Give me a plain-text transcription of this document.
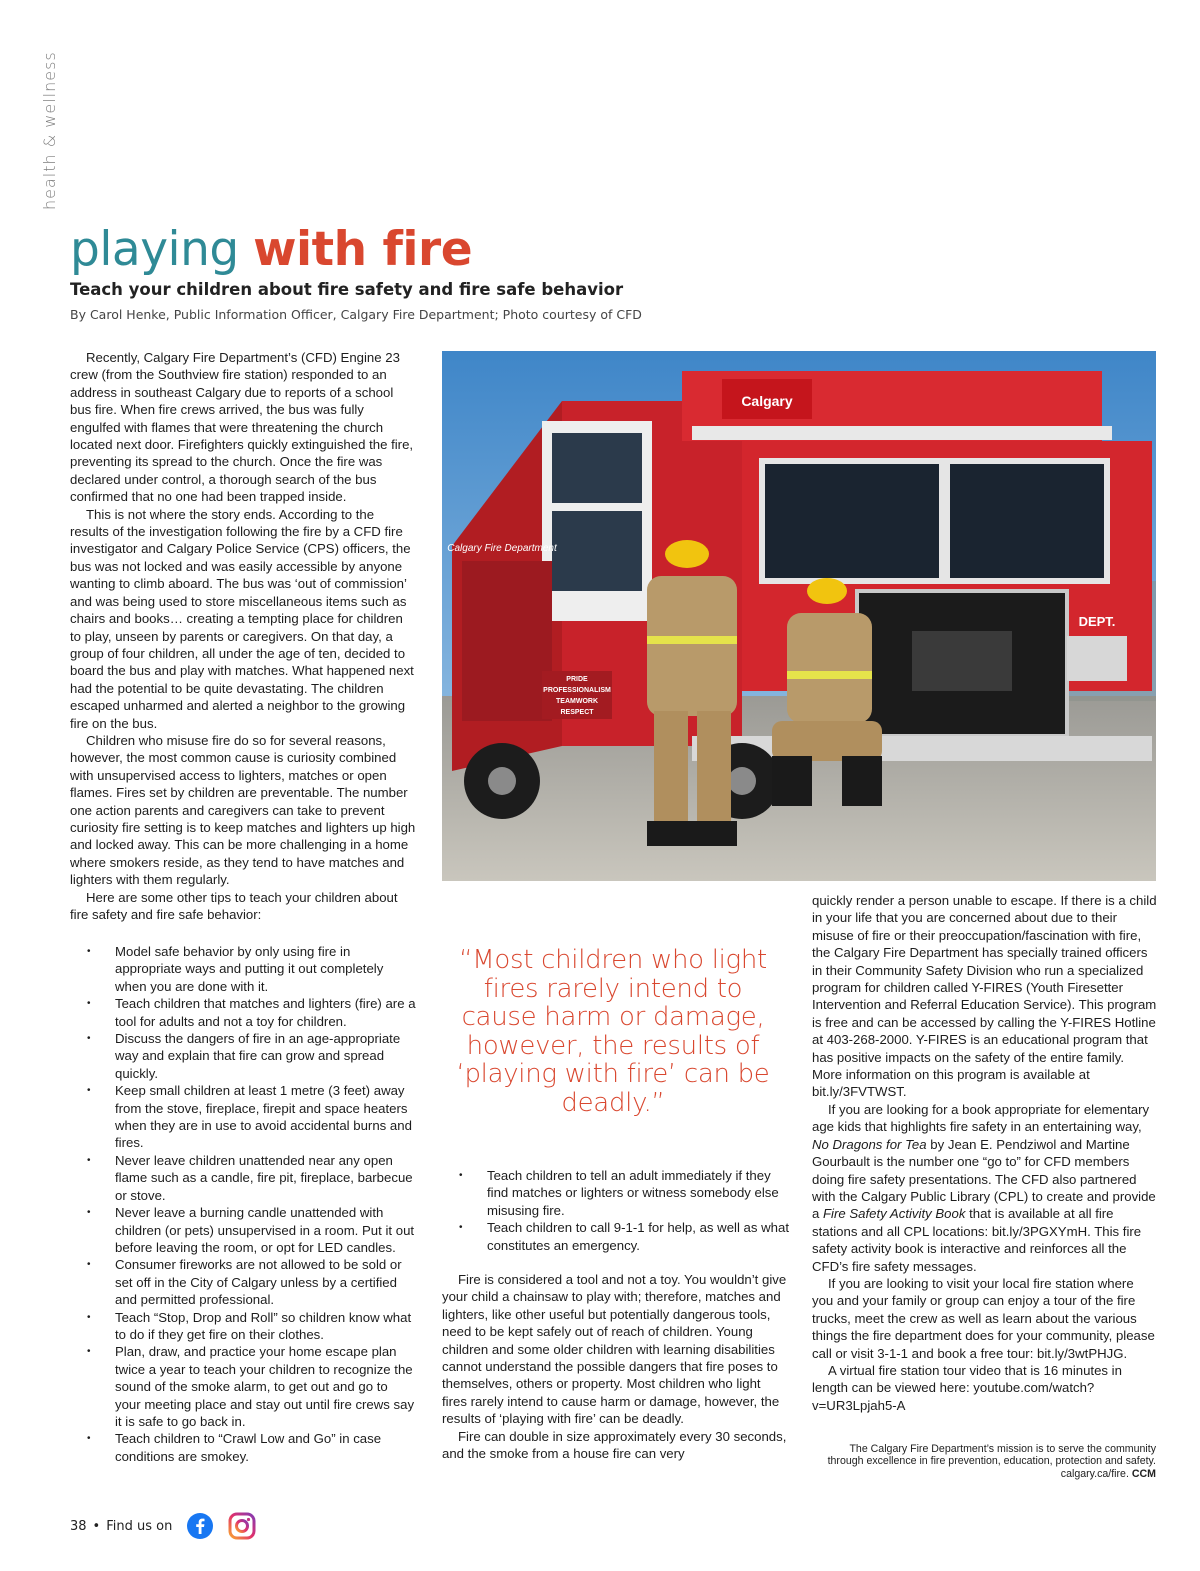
health & wellness
playing with fire
Teach your children about fire safety and fire safe behavior
By Carol Henke, Public Information Officer, Calgary Fire Department; Photo courtesy of CFD

Recently, Calgary Fire Department’s (CFD) Engine 23 crew (from the Southview fire station) responded to an address in southeast Calgary due to reports of a school bus fire. When fire crews arrived, the bus was fully engulfed with flames that were threatening the church located next door. Firefighters quickly extinguished the fire, preventing its spread to the church. Once the fire was declared under control, a thorough search of the bus confirmed that no one had been trapped inside.

This is not where the story ends. According to the results of the investigation following the fire by a CFD fire investigator and Calgary Police Service (CPS) officers, the bus was not locked and was easily accessible by anyone wanting to climb aboard. The bus was ‘out of commission’ and was being used to store miscellaneous items such as chairs and books… creating a tempting place for children to play, unseen by parents or caregivers. On that day, a group of four children, all under the age of ten, decided to board the bus and play with matches. What happened next had the potential to be quite devastating. The children escaped unharmed and alerted a neighbor to the growing fire on the bus.

Children who misuse fire do so for several reasons, however, the most common cause is curiosity combined with unsupervised access to lighters, matches or open flames. Fires set by children are preventable. The number one action parents and caregivers can take to prevent curiosity fire setting is to keep matches and lighters up high and locked away. This can be more challenging in a home where smokers reside, as they tend to have matches and lighters with them regularly.

Here are some other tips to teach your children about fire safety and fire safe behavior:

• Model safe behavior by only using fire in appropriate ways and putting it out completely when you are done with it.
• Teach children that matches and lighters (fire) are a tool for adults and not a toy for children.
• Discuss the dangers of fire in an age-appropriate way and explain that fire can grow and spread quickly.
• Keep small children at least 1 metre (3 feet) away from the stove, fireplace, firepit and space heaters when they are in use to avoid accidental burns and fires.
• Never leave children unattended near any open flame such as a candle, fire pit, fireplace, barbecue or stove.
• Never leave a burning candle unattended with children (or pets) unsupervised in a room. Put it out before leaving the room, or opt for LED candles.
• Consumer fireworks are not allowed to be sold or set off in the City of Calgary unless by a certified and permitted professional.
• Teach “Stop, Drop and Roll” so children know what to do if they get fire on their clothes.
• Plan, draw, and practice your home escape plan twice a year to teach your children to recognize the sound of the smoke alarm, to get out and go to your meeting place and stay out until fire crews say it is safe to go back in.
• Teach children to “Crawl Low and Go” in case conditions are smokey.
Calgary
Calgary Fire Department
PRIDE
PROFESSIONALISM
TEAMWORK
RESPECT
DEPT.
“Most children who light fires rarely intend to cause harm or damage, however, the results of ‘playing with fire’ can be deadly.”
• Teach children to tell an adult immediately if they find matches or lighters or witness somebody else misusing fire.
• Teach children to call 9-1-1 for help, as well as what constitutes an emergency.

Fire is considered a tool and not a toy. You wouldn’t give your child a chainsaw to play with; therefore, matches and lighters, like other useful but potentially dangerous tools, need to be kept safely out of reach of children. Young children and some older children with learning disabilities cannot understand the possible dangers that fire poses to themselves, others or property. Most children who light fires rarely intend to cause harm or damage, however, the results of ‘playing with fire’ can be deadly.

Fire can double in size approximately every 30 seconds, and the smoke from a house fire can very

quickly render a person unable to escape. If there is a child in your life that you are concerned about due to their misuse of fire or their preoccupation/fascination with fire, the Calgary Fire Department has specially trained officers in their Community Safety Division who run a specialized program for children called Y-FIRES (Youth Firesetter Intervention and Referral Education Service). This program is free and can be accessed by calling the Y-FIRES Hotline at 403-268-2000. Y-FIRES is an educational program that has positive impacts on the safety of the entire family. More information on this program is available at bit.ly/3FVTWST.

If you are looking for a book appropriate for elementary age kids that highlights fire safety in an entertaining way, No Dragons for Tea by Jean E. Pendziwol and Martine Gourbault is the number one “go to” for CFD members doing fire safety presentations. The CFD also partnered with the Calgary Public Library (CPL) to create and provide a Fire Safety Activity Book that is available at all fire stations and all CPL locations: bit.ly/3PGXYmH. This fire safety activity book is interactive and reinforces all the CFD’s fire safety messages.

If you are looking to visit your local fire station where you and your family or group can enjoy a tour of the fire trucks, meet the crew as well as learn about the various things the fire department does for your community, please call or visit 3-1-1 and book a free tour: bit.ly/3wtPHJG.

A virtual fire station tour video that is 16 minutes in length can be viewed here: youtube.com/watch?v=UR3Lpjah5-A

The Calgary Fire Department’s mission is to serve the community through excellence in fire prevention, education, protection and safety. calgary.ca/fire. CCM
38 • Find us on
